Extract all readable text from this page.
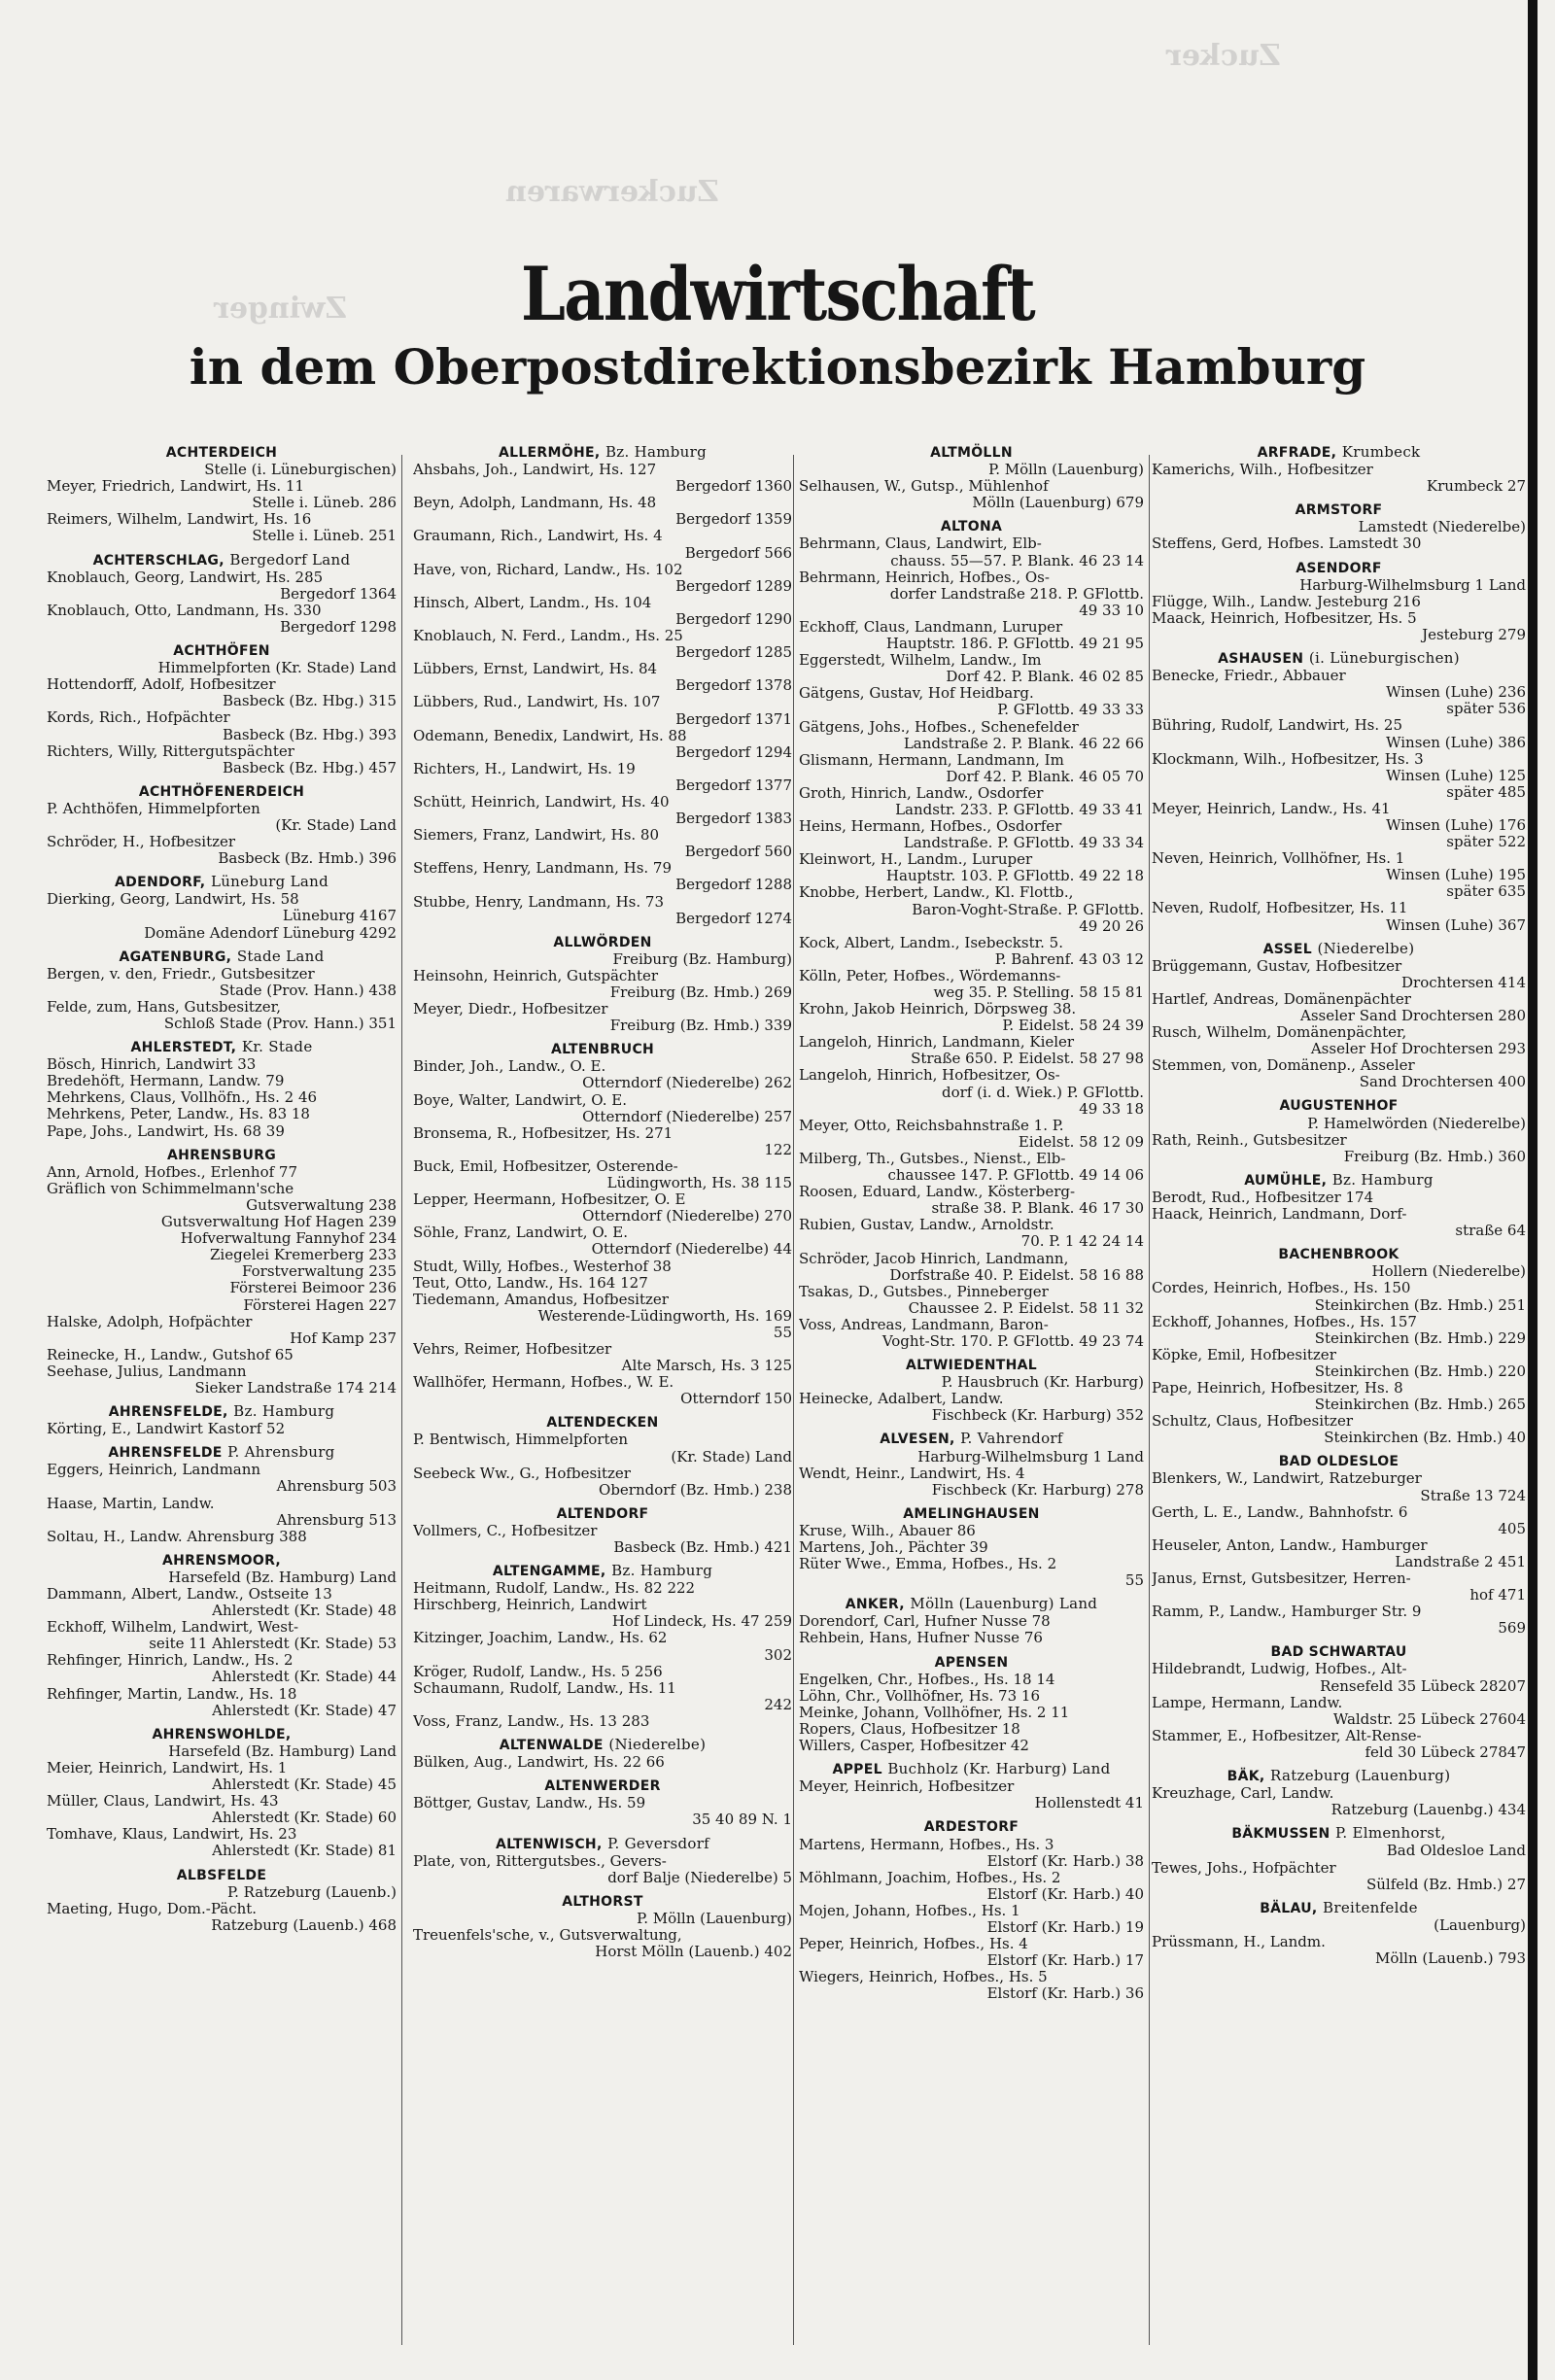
Zucker
Zwinger
Zuckerwaren
Landwirtschaft
in dem Oberpostdirektionsbezirk Hamburg
ACHTERDEICH
Stelle (i. Lüneburgischen)
Meyer, Friedrich, Landwirt, Hs. 11
Stelle i. Lüneb. 286
Reimers, Wilhelm, Landwirt, Hs. 16
Stelle i. Lüneb. 251
ACHTERSCHLAG, Bergedorf Land
Knoblauch, Georg, Landwirt, Hs. 285
Bergedorf 1364
Knoblauch, Otto, Landmann, Hs. 330
Bergedorf 1298
ACHTHÖFEN
Himmelpforten (Kr. Stade) Land
Hottendorff, Adolf, Hofbesitzer
Basbeck (Bz. Hbg.) 315
Kords, Rich., Hofpächter
Basbeck (Bz. Hbg.) 393
Richters, Willy, Rittergutspächter
Basbeck (Bz. Hbg.) 457
ACHTHÖFENERDEICH
P. Achthöfen, Himmelpforten
(Kr. Stade) Land
Schröder, H., Hofbesitzer
Basbeck (Bz. Hmb.) 396
ADENDORF, Lüneburg Land
Dierking, Georg, Landwirt, Hs. 58
Lüneburg 4167
Domäne Adendorf Lüneburg 4292
AGATENBURG, Stade Land
Bergen, v. den, Friedr., Gutsbesitzer
Stade (Prov. Hann.) 438
Felde, zum, Hans, Gutsbesitzer,
Schloß Stade (Prov. Hann.) 351
AHLERSTEDT, Kr. Stade
Bösch, Hinrich, Landwirt 33
Bredehöft, Hermann, Landw. 79
Mehrkens, Claus, Vollhöfn., Hs. 2 46
Mehrkens, Peter, Landw., Hs. 83 18
Pape, Johs., Landwirt, Hs. 68 39
AHRENSBURG
Ann, Arnold, Hofbes., Erlenhof 77
Gräflich von Schimmelmann'sche
Gutsverwaltung 238
Gutsverwaltung Hof Hagen 239
Hofverwaltung Fannyhof 234
Ziegelei Kremerberg 233
Forstverwaltung 235
Försterei Beimoor 236
Försterei Hagen 227
Halske, Adolph, Hofpächter
Hof Kamp 237
Reinecke, H., Landw., Gutshof 65
Seehase, Julius, Landmann
Sieker Landstraße 174 214
AHRENSFELDE, Bz. Hamburg
Körting, E., Landwirt Kastorf 52
AHRENSFELDE P. Ahrensburg
Eggers, Heinrich, Landmann
Ahrensburg 503
Haase, Martin, Landw.
Ahrensburg 513
Soltau, H., Landw. Ahrensburg 388
AHRENSMOOR,
Harsefeld (Bz. Hamburg) Land
Dammann, Albert, Landw., Ostseite 13
Ahlerstedt (Kr. Stade) 48
Eckhoff, Wilhelm, Landwirt, West-
seite 11 Ahlerstedt (Kr. Stade) 53
Rehfinger, Hinrich, Landw., Hs. 2
Ahlerstedt (Kr. Stade) 44
Rehfinger, Martin, Landw., Hs. 18
Ahlerstedt (Kr. Stade) 47
AHRENSWOHLDE,
Harsefeld (Bz. Hamburg) Land
Meier, Heinrich, Landwirt, Hs. 1
Ahlerstedt (Kr. Stade) 45
Müller, Claus, Landwirt, Hs. 43
Ahlerstedt (Kr. Stade) 60
Tomhave, Klaus, Landwirt, Hs. 23
Ahlerstedt (Kr. Stade) 81
ALBSFELDE
P. Ratzeburg (Lauenb.)
Maeting, Hugo, Dom.-Pächt.
Ratzeburg (Lauenb.) 468
ALLERMÖHE, Bz. Hamburg
Ahsbahs, Joh., Landwirt, Hs. 127
Bergedorf 1360
Beyn, Adolph, Landmann, Hs. 48
Bergedorf 1359
Graumann, Rich., Landwirt, Hs. 4
Bergedorf 566
Have, von, Richard, Landw., Hs. 102
Bergedorf 1289
Hinsch, Albert, Landm., Hs. 104
Bergedorf 1290
Knoblauch, N. Ferd., Landm., Hs. 25
Bergedorf 1285
Lübbers, Ernst, Landwirt, Hs. 84
Bergedorf 1378
Lübbers, Rud., Landwirt, Hs. 107
Bergedorf 1371
Odemann, Benedix, Landwirt, Hs. 88
Bergedorf 1294
Richters, H., Landwirt, Hs. 19
Bergedorf 1377
Schütt, Heinrich, Landwirt, Hs. 40
Bergedorf 1383
Siemers, Franz, Landwirt, Hs. 80
Bergedorf 560
Steffens, Henry, Landmann, Hs. 79
Bergedorf 1288
Stubbe, Henry, Landmann, Hs. 73
Bergedorf 1274
ALLWÖRDEN
Freiburg (Bz. Hamburg)
Heinsohn, Heinrich, Gutspächter
Freiburg (Bz. Hmb.) 269
Meyer, Diedr., Hofbesitzer
Freiburg (Bz. Hmb.) 339
ALTENBRUCH
Binder, Joh., Landw., O. E.
Otterndorf (Niederelbe) 262
Boye, Walter, Landwirt, O. E.
Otterndorf (Niederelbe) 257
Bronsema, R., Hofbesitzer, Hs. 271
122
Buck, Emil, Hofbesitzer, Osterende-
Lüdingworth, Hs. 38 115
Lepper, Heermann, Hofbesitzer, O. E
Otterndorf (Niederelbe) 270
Söhle, Franz, Landwirt, O. E.
Otterndorf (Niederelbe) 44
Studt, Willy, Hofbes., Westerhof 38
Teut, Otto, Landw., Hs. 164 127
Tiedemann, Amandus, Hofbesitzer
Westerende-Lüdingworth, Hs. 169
55
Vehrs, Reimer, Hofbesitzer
Alte Marsch, Hs. 3 125
Wallhöfer, Hermann, Hofbes., W. E.
Otterndorf 150
ALTENDECKEN
P. Bentwisch, Himmelpforten
(Kr. Stade) Land
Seebeck Ww., G., Hofbesitzer
Oberndorf (Bz. Hmb.) 238
ALTENDORF
Vollmers, C., Hofbesitzer
Basbeck (Bz. Hmb.) 421
ALTENGAMME, Bz. Hamburg
Heitmann, Rudolf, Landw., Hs. 82 222
Hirschberg, Heinrich, Landwirt
Hof Lindeck, Hs. 47 259
Kitzinger, Joachim, Landw., Hs. 62
302
Kröger, Rudolf, Landw., Hs. 5 256
Schaumann, Rudolf, Landw., Hs. 11
242
Voss, Franz, Landw., Hs. 13 283
ALTENWALDE (Niederelbe)
Bülken, Aug., Landwirt, Hs. 22 66
ALTENWERDER
Böttger, Gustav, Landw., Hs. 59
35 40 89 N. 1
ALTENWISCH, P. Geversdorf
Plate, von, Rittergutsbes., Gevers-
dorf Balje (Niederelbe) 5
ALTHORST
P. Mölln (Lauenburg)
Treuenfels'sche, v., Gutsverwaltung,
Horst Mölln (Lauenb.) 402
ALTMÖLLN
P. Mölln (Lauenburg)
Selhausen, W., Gutsp., Mühlenhof
Mölln (Lauenburg) 679
ALTONA
Behrmann, Claus, Landwirt, Elb-
chauss. 55—57. P. Blank. 46 23 14
Behrmann, Heinrich, Hofbes., Os-
dorfer Landstraße 218. P. GFlottb.
49 33 10
Eckhoff, Claus, Landmann, Luruper
Hauptstr. 186. P. GFlottb. 49 21 95
Eggerstedt, Wilhelm, Landw., Im
Dorf 42. P. Blank. 46 02 85
Gätgens, Gustav, Hof Heidbarg.
P. GFlottb. 49 33 33
Gätgens, Johs., Hofbes., Schenefelder
Landstraße 2. P. Blank. 46 22 66
Glismann, Hermann, Landmann, Im
Dorf 42. P. Blank. 46 05 70
Groth, Hinrich, Landw., Osdorfer
Landstr. 233. P. GFlottb. 49 33 41
Heins, Hermann, Hofbes., Osdorfer
Landstraße. P. GFlottb. 49 33 34
Kleinwort, H., Landm., Luruper
Hauptstr. 103. P. GFlottb. 49 22 18
Knobbe, Herbert, Landw., Kl. Flottb.,
Baron-Voght-Straße. P. GFlottb.
49 20 26
Kock, Albert, Landm., Isebeckstr. 5.
P. Bahrenf. 43 03 12
Kölln, Peter, Hofbes., Wördemanns-
weg 35. P. Stelling. 58 15 81
Krohn, Jakob Heinrich, Dörpsweg 38.
P. Eidelst. 58 24 39
Langeloh, Hinrich, Landmann, Kieler
Straße 650. P. Eidelst. 58 27 98
Langeloh, Hinrich, Hofbesitzer, Os-
dorf (i. d. Wiek.) P. GFlottb.
49 33 18
Meyer, Otto, Reichsbahnstraße 1. P.
Eidelst. 58 12 09
Milberg, Th., Gutsbes., Nienst., Elb-
chaussee 147. P. GFlottb. 49 14 06
Roosen, Eduard, Landw., Kösterberg-
straße 38. P. Blank. 46 17 30
Rubien, Gustav, Landw., Arnoldstr.
70. P. 1 42 24 14
Schröder, Jacob Hinrich, Landmann,
Dorfstraße 40. P. Eidelst. 58 16 88
Tsakas, D., Gutsbes., Pinneberger
Chaussee 2. P. Eidelst. 58 11 32
Voss, Andreas, Landmann, Baron-
Voght-Str. 170. P. GFlottb. 49 23 74
ALTWIEDENTHAL
P. Hausbruch (Kr. Harburg)
Heinecke, Adalbert, Landw.
Fischbeck (Kr. Harburg) 352
ALVESEN, P. Vahrendorf
Harburg-Wilhelmsburg 1 Land
Wendt, Heinr., Landwirt, Hs. 4
Fischbeck (Kr. Harburg) 278
AMELINGHAUSEN
Kruse, Wilh., Abauer 86
Martens, Joh., Pächter 39
Rüter Wwe., Emma, Hofbes., Hs. 2
55
ANKER, Mölln (Lauenburg) Land
Dorendorf, Carl, Hufner Nusse 78
Rehbein, Hans, Hufner Nusse 76
APENSEN
Engelken, Chr., Hofbes., Hs. 18 14
Löhn, Chr., Vollhöfner, Hs. 73 16
Meinke, Johann, Vollhöfner, Hs. 2 11
Ropers, Claus, Hofbesitzer 18
Willers, Casper, Hofbesitzer 42
APPEL Buchholz (Kr. Harburg) Land
Meyer, Heinrich, Hofbesitzer
Hollenstedt 41
ARDESTORF
Martens, Hermann, Hofbes., Hs. 3
Elstorf (Kr. Harb.) 38
Möhlmann, Joachim, Hofbes., Hs. 2
Elstorf (Kr. Harb.) 40
Mojen, Johann, Hofbes., Hs. 1
Elstorf (Kr. Harb.) 19
Peper, Heinrich, Hofbes., Hs. 4
Elstorf (Kr. Harb.) 17
Wiegers, Heinrich, Hofbes., Hs. 5
Elstorf (Kr. Harb.) 36
ARFRADE, Krumbeck
Kamerichs, Wilh., Hofbesitzer
Krumbeck 27
ARMSTORF
Lamstedt (Niederelbe)
Steffens, Gerd, Hofbes. Lamstedt 30
ASENDORF
Harburg-Wilhelmsburg 1 Land
Flügge, Wilh., Landw. Jesteburg 216
Maack, Heinrich, Hofbesitzer, Hs. 5
Jesteburg 279
ASHAUSEN (i. Lüneburgischen)
Benecke, Friedr., Abbauer
Winsen (Luhe) 236
später 536
Bühring, Rudolf, Landwirt, Hs. 25
Winsen (Luhe) 386
Klockmann, Wilh., Hofbesitzer, Hs. 3
Winsen (Luhe) 125
später 485
Meyer, Heinrich, Landw., Hs. 41
Winsen (Luhe) 176
später 522
Neven, Heinrich, Vollhöfner, Hs. 1
Winsen (Luhe) 195
später 635
Neven, Rudolf, Hofbesitzer, Hs. 11
Winsen (Luhe) 367
ASSEL (Niederelbe)
Brüggemann, Gustav, Hofbesitzer
Drochtersen 414
Hartlef, Andreas, Domänenpächter
Asseler Sand Drochtersen 280
Rusch, Wilhelm, Domänenpächter,
Asseler Hof Drochtersen 293
Stemmen, von, Domänenp., Asseler
Sand Drochtersen 400
AUGUSTENHOF
P. Hamelwörden (Niederelbe)
Rath, Reinh., Gutsbesitzer
Freiburg (Bz. Hmb.) 360
AUMÜHLE, Bz. Hamburg
Berodt, Rud., Hofbesitzer 174
Haack, Heinrich, Landmann, Dorf-
straße 64
BACHENBROOK
Hollern (Niederelbe)
Cordes, Heinrich, Hofbes., Hs. 150
Steinkirchen (Bz. Hmb.) 251
Eckhoff, Johannes, Hofbes., Hs. 157
Steinkirchen (Bz. Hmb.) 229
Köpke, Emil, Hofbesitzer
Steinkirchen (Bz. Hmb.) 220
Pape, Heinrich, Hofbesitzer, Hs. 8
Steinkirchen (Bz. Hmb.) 265
Schultz, Claus, Hofbesitzer
Steinkirchen (Bz. Hmb.) 40
BAD OLDESLOE
Blenkers, W., Landwirt, Ratzeburger
Straße 13 724
Gerth, L. E., Landw., Bahnhofstr. 6
405
Heuseler, Anton, Landw., Hamburger
Landstraße 2 451
Janus, Ernst, Gutsbesitzer, Herren-
hof 471
Ramm, P., Landw., Hamburger Str. 9
569
BAD SCHWARTAU
Hildebrandt, Ludwig, Hofbes., Alt-
Rensefeld 35 Lübeck 28207
Lampe, Hermann, Landw.
Waldstr. 25 Lübeck 27604
Stammer, E., Hofbesitzer, Alt-Rense-
feld 30 Lübeck 27847
BÄK, Ratzeburg (Lauenburg)
Kreuzhage, Carl, Landw.
Ratzeburg (Lauenbg.) 434
BÄKMUSSEN P. Elmenhorst,
Bad Oldesloe Land
Tewes, Johs., Hofpächter
Sülfeld (Bz. Hmb.) 27
BÄLAU, Breitenfelde
(Lauenburg)
Prüssmann, H., Landm.
Mölln (Lauenb.) 793
